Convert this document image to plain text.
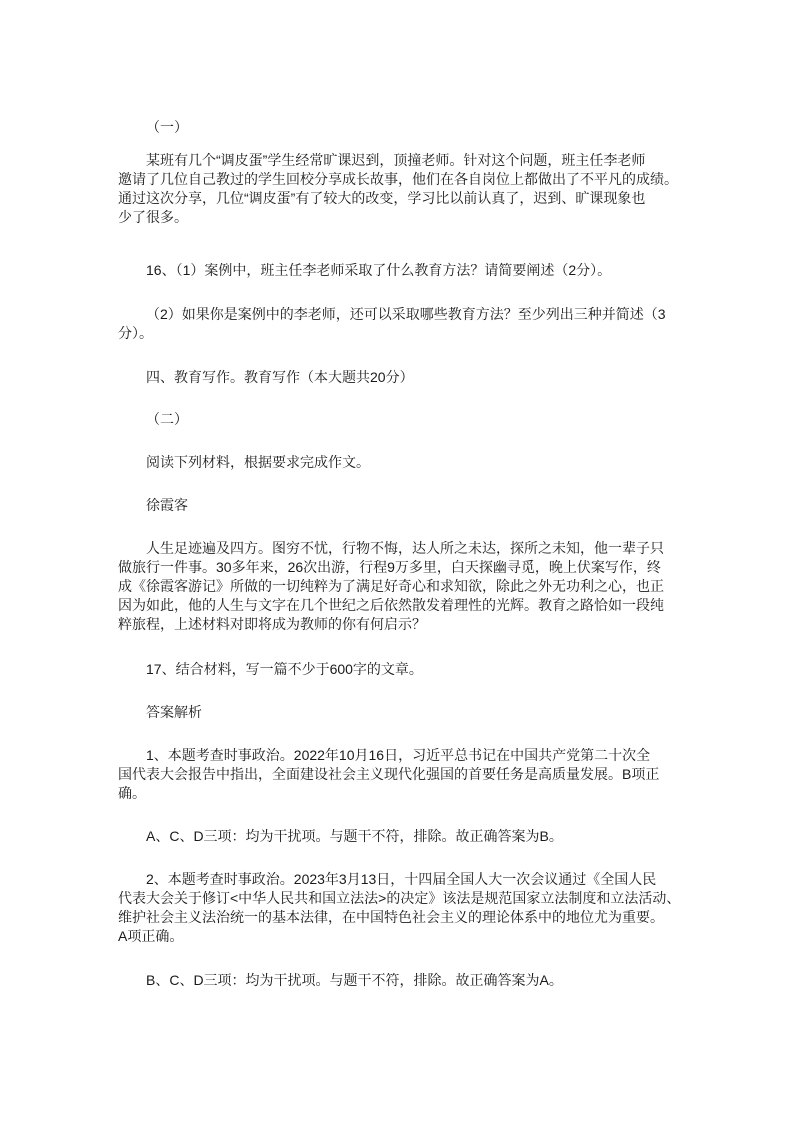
（一）
某班有几个“调皮蛋”学生经常旷课迟到，顶撞老师。针对这个问题，班主任李老师
邀请了几位自己教过的学生回校分享成长故事，他们在各自岗位上都做出了不平凡的成绩。
通过这次分享，几位“调皮蛋”有了较大的改变，学习比以前认真了，迟到、旷课现象也
少了很多。
16、（1）案例中，班主任李老师采取了什么教育方法？请简要阐述（2分）。
（2）如果你是案例中的李老师，还可以采取哪些教育方法？至少列出三种并简述（3
分）。
四、教育写作。教育写作（本大题共20分）
（二）
阅读下列材料，根据要求完成作文。
徐霞客
人生足迹遍及四方。图穷不忧，行物不悔，达人所之未达，探所之未知，他一辈子只
做旅行一件事。30多年来，26次出游，行程9万多里，白天探幽寻觅，晚上伏案写作，终
成《徐霞客游记》所做的一切纯粹为了满足好奇心和求知欲，除此之外无功利之心，也正
因为如此，他的人生与文字在几个世纪之后依然散发着理性的光辉。教育之路恰如一段纯
粹旅程，上述材料对即将成为教师的你有何启示？
17、结合材料，写一篇不少于600字的文章。
答案解析
1、本题考查时事政治。2022年10月16日，习近平总书记在中国共产党第二十次全
国代表大会报告中指出，全面建设社会主义现代化强国的首要任务是高质量发展。B项正
确。
A、C、D三项：均为干扰项。与题干不符，排除。故正确答案为B。
2、本题考查时事政治。2023年3月13日，十四届全国人大一次会议通过《全国人民
代表大会关于修订<中华人民共和国立法法>的决定》该法是规范国家立法制度和立法活动、
维护社会主义法治统一的基本法律，在中国特色社会主义的理论体系中的地位尤为重要。
A项正确。
B、C、D三项：均为干扰项。与题干不符，排除。故正确答案为A。
